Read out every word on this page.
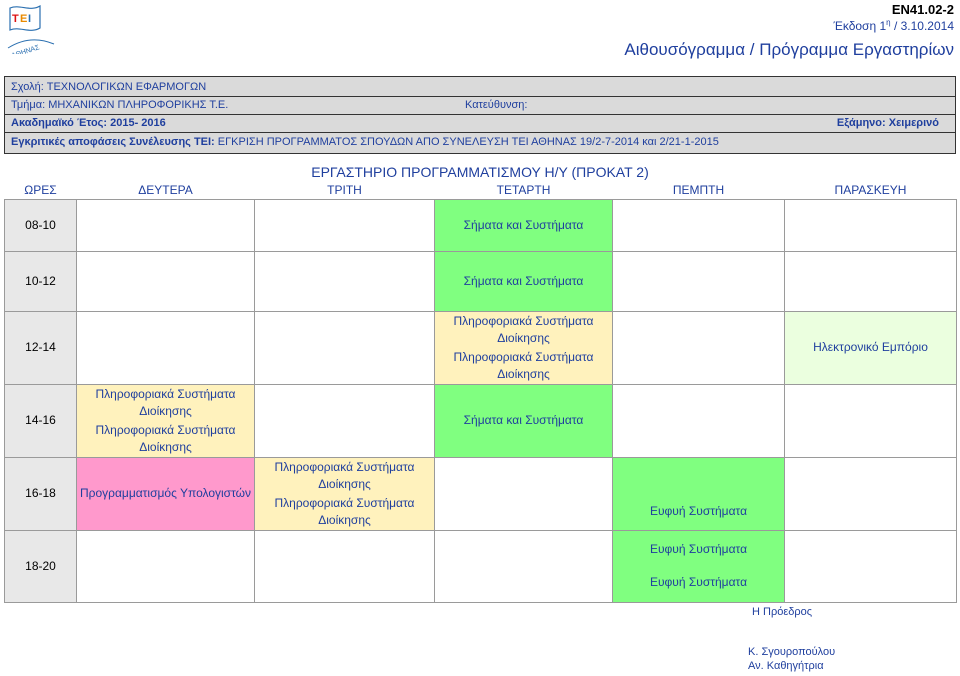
Τ Ε Ι
ΑΘΗΝΑΣ
ΕΝ41.02-2
Έκδοση $1^\eta / 3.10.2014$
Αιθουσόγραμμα / Πρόγραμμα Εργαστηρίων
Σχολή: ΤΕΧΝΟΛΟΓΙΚΩΝ ΕΦΑΡΜΟΓΩΝ
Τμήμα: ΜΗΧΑΝΙΚΩΝ ΠΛΗΡΟΦΟΡΙΚΗΣ Τ.Ε.	Κατεύθυνση:
Ακαδημαϊκό Έτος: 2015- 2016	Εξάμηνο: Χειμερινό
Εγκριτικές αποφάσεις Συνέλευσης ΤΕΙ: ΕΓΚΡΙΣΗ ΠΡΟΓΡΑΜΜΑΤΟΣ ΣΠΟΥΔΩΝ ΑΠΟ ΣΥΝΕΛΕΥΣΗ ΤΕΙ ΑΘΗΝΑΣ 19/2-7-2014 και 2/21-1-2015
ΕΡΓΑΣΤΗΡΙΟ ΠΡΟΓΡΑΜΜΑΤΙΣΜΟΥ Η/Υ (ΠΡΟΚΑΤ 2)
ΩΡΕΣ	ΔΕΥΤΕΡΑ	ΤΡΙΤΗ	ΤΕΤΑΡΤΗ	ΠΕΜΠΤΗ	ΠΑΡΑΣΚΕΥΗ
08-10			Σήματα και Συστήματα		
10-12			Σήματα και Συστήματα		
12-14			Πληροφοριακά Συστήματα Διοίκησης
Πληροφοριακά Συστήματα Διοίκησης		Ηλεκτρονικό Εμπόριο
14-16	Πληροφοριακά Συστήματα Διοίκησης
Πληροφοριακά Συστήματα Διοίκησης		Σήματα και Συστήματα		
16-18	Προγραμματισμός Υπολογιστών	Πληροφοριακά Συστήματα Διοίκησης
Πληροφοριακά Συστήματα Διοίκησης		Ευφυή Συστήματα	
18-20				Ευφυή Συστήματα
Ευφυή Συστήματα	

Η Πρόεδρος
Κ. Σγουροπούλου
Αν. Καθηγήτρια
